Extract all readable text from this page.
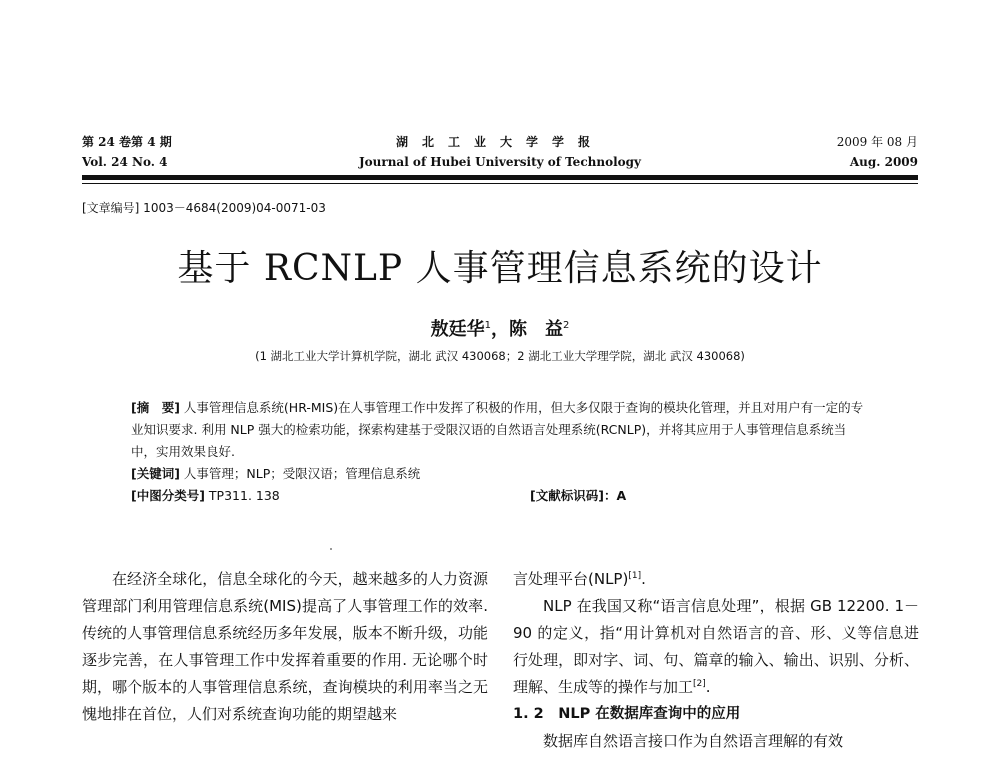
第 24 卷第 4 期
Vol. 24 No. 4
湖北工业大学学报
Journal of Hubei University of Technology
2009 年 08 月
Aug. 2009
[文章编号] 1003－4684(2009)04-0071-03
基于 RCNLP 人事管理信息系统的设计
敖廷华$^1$，陈　益$^2$
(1 湖北工业大学计算机学院，湖北 武汉 430068；2 湖北工业大学理学院，湖北 武汉 430068)
[摘　要] 人事管理信息系统(HR-MIS)在人事管理工作中发挥了积极的作用，但大多仅限于查询的模块化管理，并且对用户有一定的专业知识要求. 利用 NLP 强大的检索功能，探索构建基于受限汉语的自然语言处理系统(RCNLP)，并将其应用于人事管理信息系统当中，实用效果良好.
[关键词] 人事管理；NLP；受限汉语；管理信息系统
[中图分类号] TP311. 138	[文献标识码]：A

在经济全球化，信息全球化的今天，越来越多的人力资源管理部门利用管理信息系统(MIS)提高了人事管理工作的效率. 传统的人事管理信息系统经历多年发展，版本不断升级，功能逐步完善，在人事管理工作中发挥着重要的作用. 无论哪个时期，哪个版本的人事管理信息系统，查询模块的利用率当之无愧地排在首位，人们对系统查询功能的期望越来

言处理平台(NLP)[1].

NLP 在我国又称“语言信息处理”，根据 GB 12200. 1－90 的定义，指“用计算机对自然语言的音、形、义等信息进行处理，即对字、词、句、篇章的输入、输出、识别、分析、理解、生成等的操作与加工[2].

1. 2　NLP 在数据库查询中的应用

数据库自然语言接口作为自然语言理解的有效
